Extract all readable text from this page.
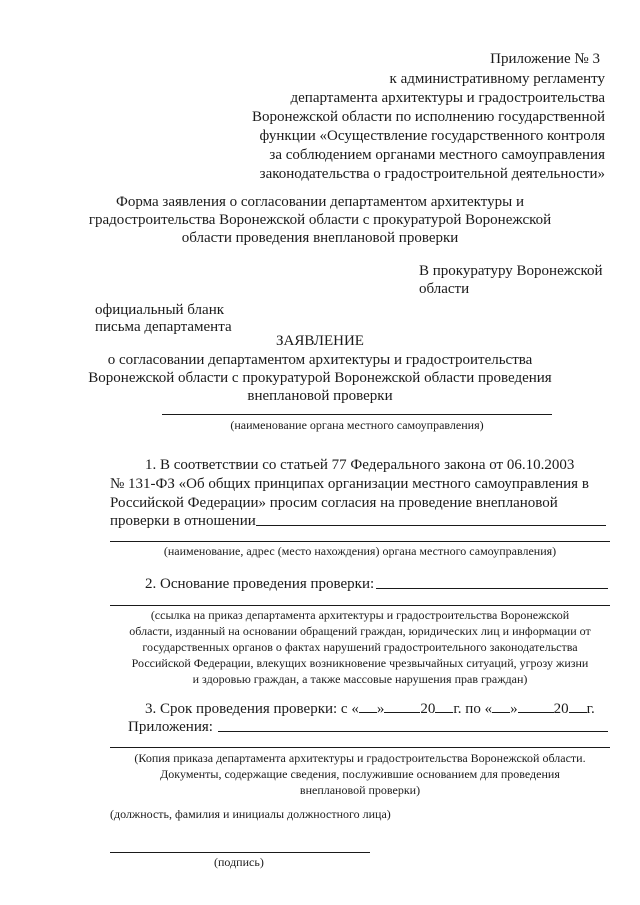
Приложение № 3
к административному регламенту
департамента архитектуры и градостроительства
Воронежской области по исполнению государственной
функции «Осуществление государственного контроля
за соблюдением органами местного самоуправления
законодательства о градостроительной деятельности»
Форма заявления о согласовании департаментом архитектуры и
градостроительства Воронежской области с прокуратурой Воронежской
области проведения внеплановой проверки
В прокуратуру Воронежской
области
официальный бланк
письма департамента
ЗАЯВЛЕНИЕ
о согласовании департаментом архитектуры и градостроительства
Воронежской области с прокуратурой Воронежской области проведения
внеплановой проверки
(наименование органа местного самоуправления)
1. В соответствии со статьей 77 Федерального закона от 06.10.2003
№ 131-ФЗ «Об общих принципах организации местного самоуправления в
Российской Федерации» просим согласия на проведение внеплановой
проверки в отношении
(наименование, адрес (место нахождения) органа местного самоуправления)
2. Основание проведения проверки:
(ссылка на приказ департамента архитектуры и градостроительства Воронежской
области, изданный на основании обращений граждан, юридических лиц и информации от
государственных органов о фактах нарушений градостроительного законодательства
Российской Федерации, влекущих возникновение чрезвычайных ситуаций, угрозу жизни
и здоровью граждан, а также массовые нарушения прав граждан)
3. Срок проведения проверки: с « » 20 г. по « » 20 г.
Приложения:
(Копия приказа департамента архитектуры и градостроительства Воронежской области.
Документы, содержащие сведения, послужившие основанием для проведения
внеплановой проверки)
(должность, фамилия и инициалы должностного лица)
(подпись)
